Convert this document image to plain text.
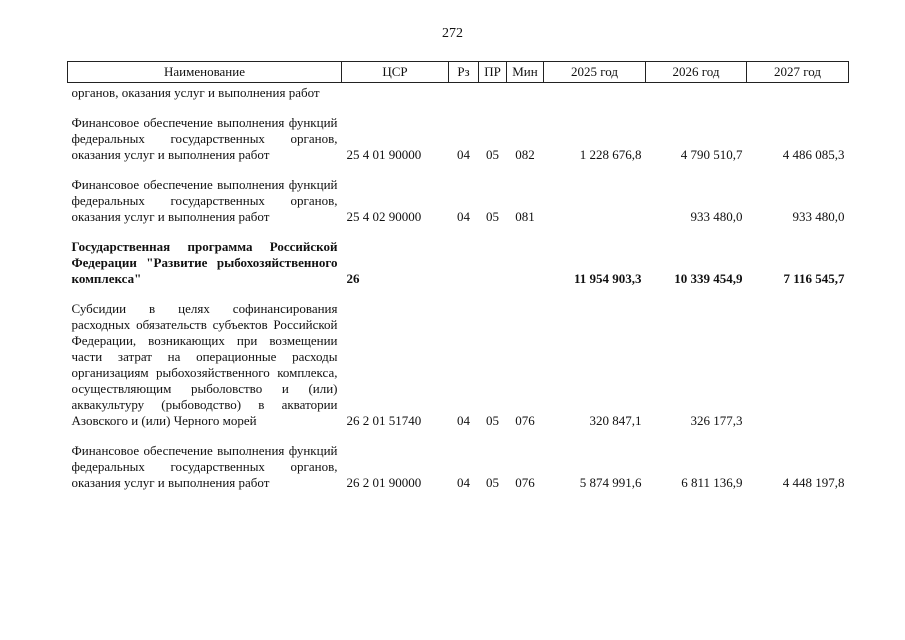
272
Наименование	ЦСР	Рз	ПР	Мин	2025 год	2026 год	2027 год
органов, оказания услуг и выполнения работ							
Финансовое обеспечение выполнения функций федеральных государственных органов, оказания услуг и выполнения работ	25 4 01 90000	04	05	082	1 228 676,8	4 790 510,7	4 486 085,3
Финансовое обеспечение выполнения функций федеральных государственных органов, оказания услуг и выполнения работ	25 4 02 90000	04	05	081		933 480,0	933 480,0
Государственная программа Российской Федерации "Развитие рыбохозяйственного комплекса"	26				11 954 903,3	10 339 454,9	7 116 545,7
Субсидии в целях софинансирования расходных обязательств субъектов Российской Федерации, возникающих при возмещении части затрат на операционные расходы организациям рыбохозяйственного комплекса, осуществляющим рыболовство и (или) аквакультуру (рыбоводство) в акватории Азовского и (или) Черного морей	26 2 01 51740	04	05	076	320 847,1	326 177,3	
Финансовое обеспечение выполнения функций федеральных государственных органов, оказания услуг и выполнения работ	26 2 01 90000	04	05	076	5 874 991,6	6 811 136,9	4 448 197,8
